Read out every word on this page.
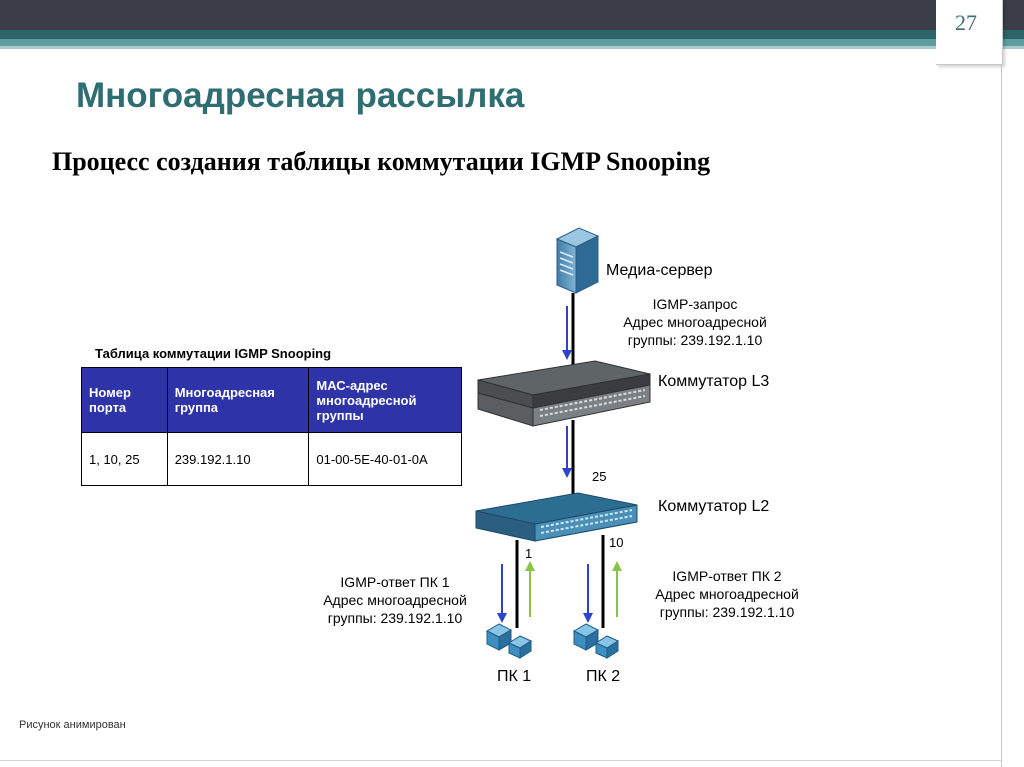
27
Многоадресная рассылка
Процесс создания таблицы коммутации IGMP Snooping
Таблица коммутации IGMP Snooping
Номер порта	Многоадресная группа	МАС-адрес многоадресной группы
1, 10, 25	239.192.1.10	01-00-5E-40-01-0A
Медиа-сервер
IGMP-запрос
Адрес многоадресной
группы: 239.192.1.10
Коммутатор L3
25
Коммутатор L2
1
10
IGMP-ответ ПК 1
Адрес многоадресной
группы: 239.192.1.10
IGMP-ответ ПК 2
Адрес многоадресной
группы: 239.192.1.10
ПК 1	ПК 2
Рисунок анимирован
